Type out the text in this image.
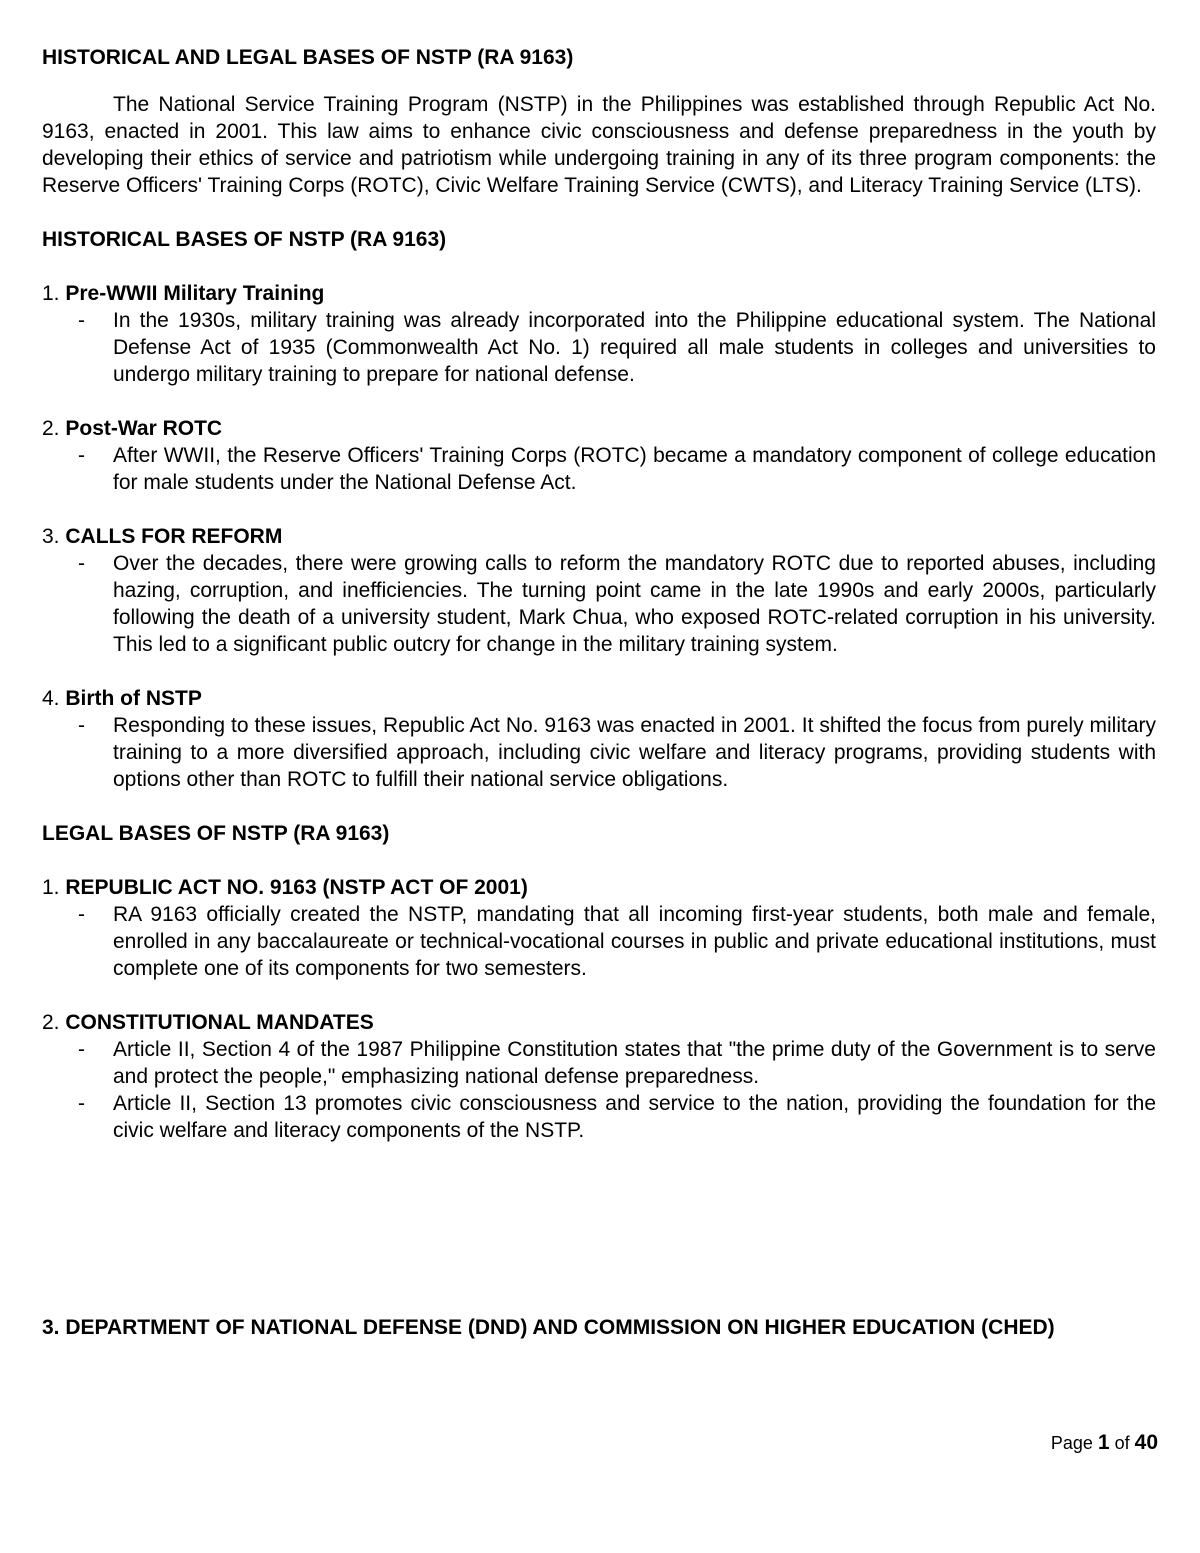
HISTORICAL AND LEGAL BASES OF NSTP (RA 9163)

The National Service Training Program (NSTP) in the Philippines was established through Republic Act No. 9163, enacted in 2001. This law aims to enhance civic consciousness and defense preparedness in the youth by developing their ethics of service and patriotism while undergoing training in any of its three program components: the Reserve Officers' Training Corps (ROTC), Civic Welfare Training Service (CWTS), and Literacy Training Service (LTS).

HISTORICAL BASES OF NSTP (RA 9163)

1. Pre-WWII Military Training

- In the 1930s, military training was already incorporated into the Philippine educational system. The National Defense Act of 1935 (Commonwealth Act No. 1) required all male students in colleges and universities to undergo military training to prepare for national defense.

2. Post-War ROTC

- After WWII, the Reserve Officers' Training Corps (ROTC) became a mandatory component of college education for male students under the National Defense Act.

3. CALLS FOR REFORM

- Over the decades, there were growing calls to reform the mandatory ROTC due to reported abuses, including hazing, corruption, and inefficiencies. The turning point came in the late 1990s and early 2000s, particularly following the death of a university student, Mark Chua, who exposed ROTC-related corruption in his university. This led to a significant public outcry for change in the military training system.

4. Birth of NSTP

- Responding to these issues, Republic Act No. 9163 was enacted in 2001. It shifted the focus from purely military training to a more diversified approach, including civic welfare and literacy programs, providing students with options other than ROTC to fulfill their national service obligations.

LEGAL BASES OF NSTP (RA 9163)

1. REPUBLIC ACT NO. 9163 (NSTP ACT OF 2001)

- RA 9163 officially created the NSTP, mandating that all incoming first-year students, both male and female, enrolled in any baccalaureate or technical-vocational courses in public and private educational institutions, must complete one of its components for two semesters.

2. CONSTITUTIONAL MANDATES

- Article II, Section 4 of the 1987 Philippine Constitution states that "the prime duty of the Government is to serve and protect the people," emphasizing national defense preparedness.
- Article II, Section 13 promotes civic consciousness and service to the nation, providing the foundation for the civic welfare and literacy components of the NSTP.

3. DEPARTMENT OF NATIONAL DEFENSE (DND) AND COMMISSION ON HIGHER EDUCATION (CHED)

Page 1 of 40
